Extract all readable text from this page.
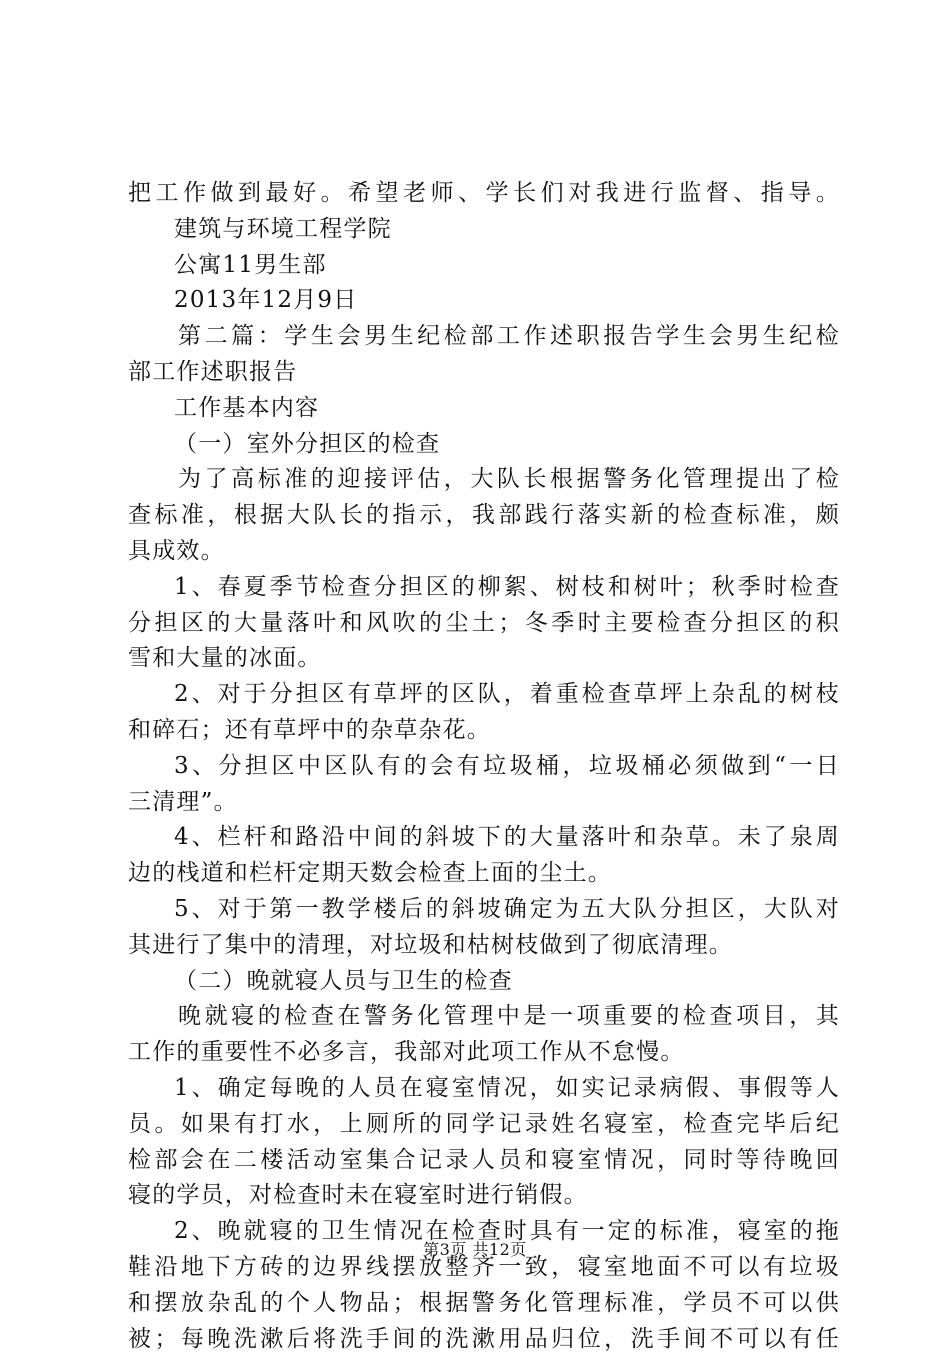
把工作做到最好。希望老师、学长们对我进行监督、指导。
建筑与环境工程学院
公寓11男生部
2013年12月9日
第二篇：学生会男生纪检部工作述职报告学生会男生纪检
部工作述职报告
工作基本内容
（一）室外分担区的检查
为了高标准的迎接评估，大队长根据警务化管理提出了检
查标准，根据大队长的指示，我部践行落实新的检查标准，颇
具成效。
1、春夏季节检查分担区的柳絮、树枝和树叶；秋季时检查
分担区的大量落叶和风吹的尘土；冬季时主要检查分担区的积
雪和大量的冰面。
2、对于分担区有草坪的区队，着重检查草坪上杂乱的树枝
和碎石；还有草坪中的杂草杂花。
3、分担区中区队有的会有垃圾桶，垃圾桶必须做到“一日
三清理”。
4、栏杆和路沿中间的斜坡下的大量落叶和杂草。未了泉周
边的栈道和栏杆定期天数会检查上面的尘土。
5、对于第一教学楼后的斜坡确定为五大队分担区，大队对
其进行了集中的清理，对垃圾和枯树枝做到了彻底清理。
（二）晚就寝人员与卫生的检查
晚就寝的检查在警务化管理中是一项重要的检查项目，其
工作的重要性不必多言，我部对此项工作从不怠慢。
1、确定每晚的人员在寝室情况，如实记录病假、事假等人
员。如果有打水，上厕所的同学记录姓名寝室，检查完毕后纪
检部会在二楼活动室集合记录人员和寝室情况，同时等待晚回
寝的学员，对检查时未在寝室时进行销假。
2、晚就寝的卫生情况在检查时具有一定的标准，寝室的拖
鞋沿地下方砖的边界线摆放整齐一致，寝室地面不可以有垃圾
和摆放杂乱的个人物品；根据警务化管理标准，学员不可以供
被；每晚洗漱后将洗手间的洗漱用品归位，洗手间不可以有任
第3页 共12页
